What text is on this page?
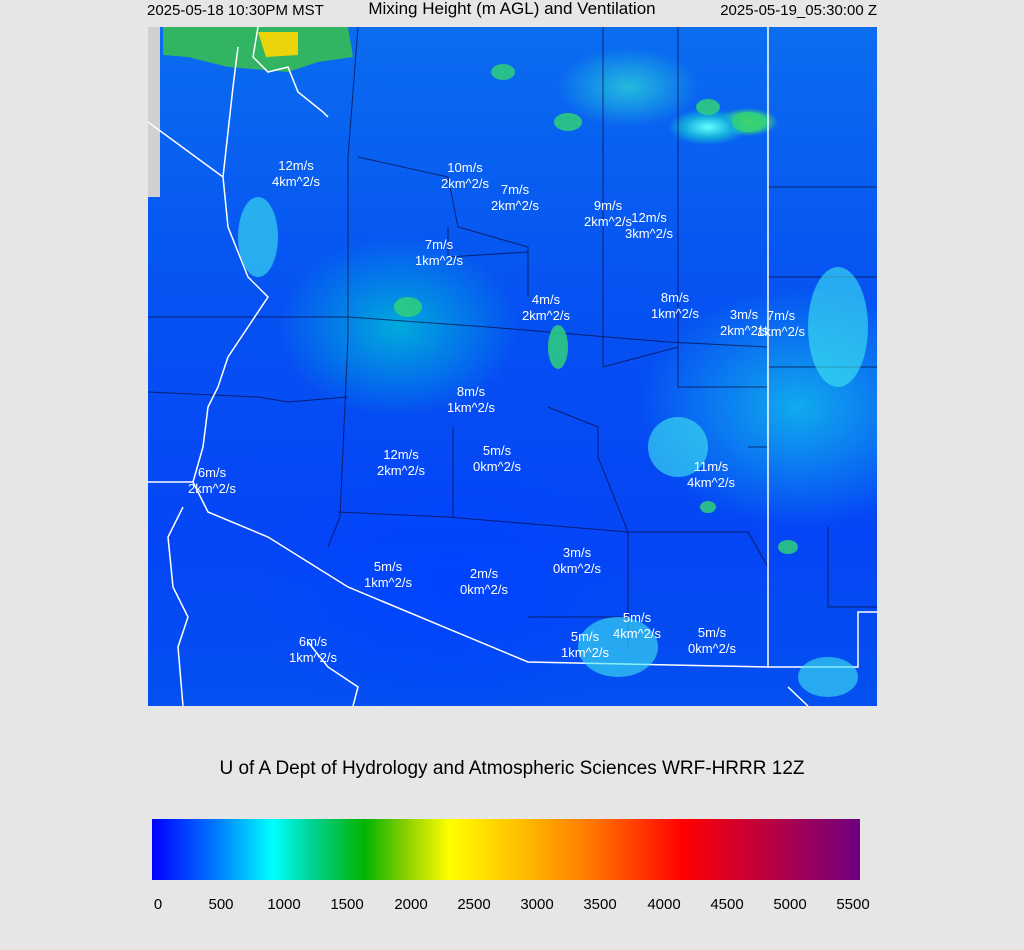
2025-05-18 10:30PM MST	Mixing Height (m AGL) and Ventilation	2025-05-19_05:30:00 Z
12m/s
4km^2/s
10m/s
2km^2/s 7m/s
2km^2/s	9m/s
2km^2/s 12m/s
3km^2/s
7m/s
1km^2/s
4m/s
2km^2/s
8m/s
1km^2/s	3m/s
2km^2/s
7m/s
1km^2/s
8m/s
1km^2/s
12m/s
2km^2/s
5m/s
0km^2/s	11m/s
4km^2/s
6m/s
2km^2/s
3m/s
0km^2/s
5m/s
1km^2/s
2m/s
0km^2/s
5m/s
4km^2/s
5m/s
1km^2/s
5m/s
0km^2/s
6m/s
1km^2/s
U of A Dept of Hydrology and Atmospheric Sciences WRF-HRRR 12Z
0	500 1000 1500 2000 2500 3000 3500 4000 4500 5000 5500
